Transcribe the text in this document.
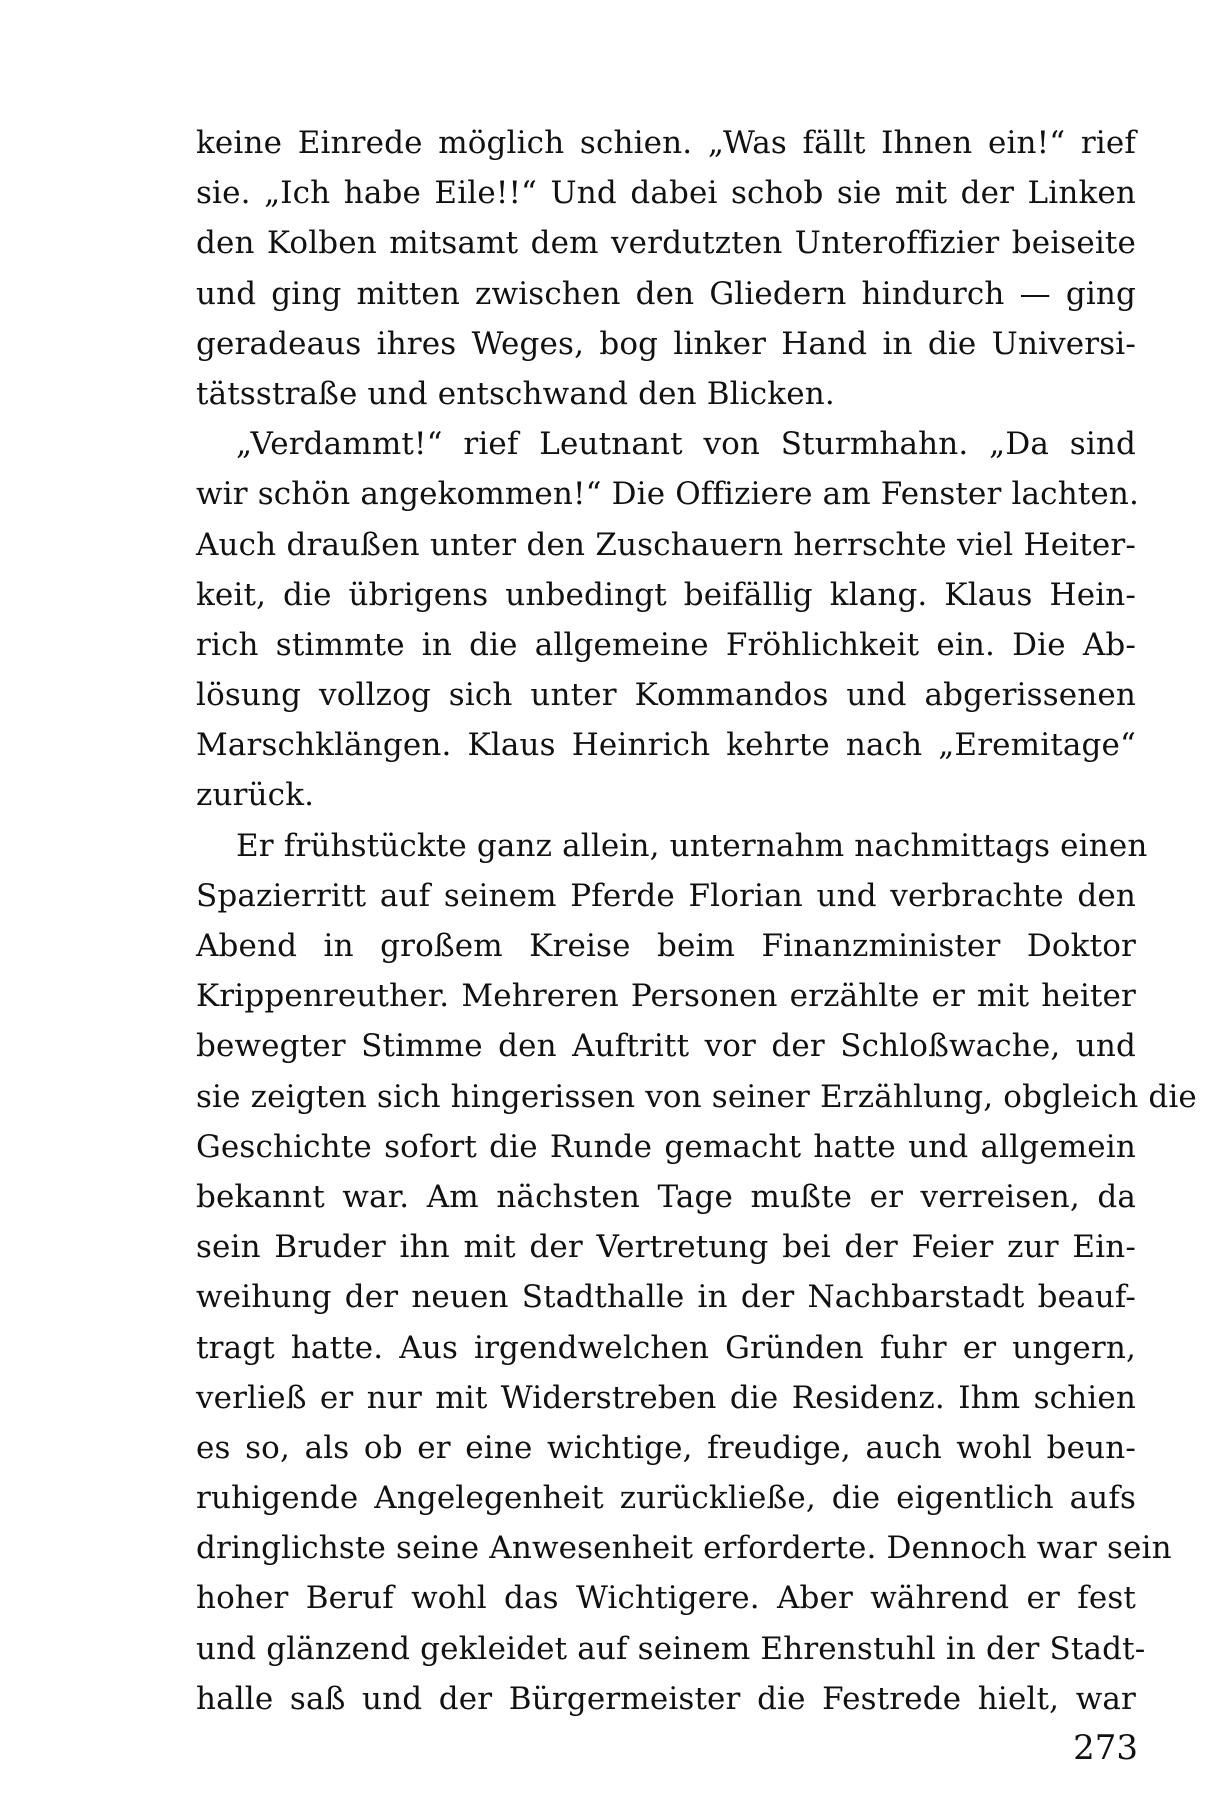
keine Einrede möglich schien. „Was fällt Ihnen ein!“ rief
sie. „Ich habe Eile!!“ Und dabei schob sie mit der Linken
den Kolben mitsamt dem verdutzten Unteroffizier beiseite
und ging mitten zwischen den Gliedern hindurch — ging
geradeaus ihres Weges, bog linker Hand in die Universi-
tätsstraße und entschwand den Blicken.
„Verdammt!“ rief Leutnant von Sturmhahn. „Da sind
wir schön angekommen!“ Die Offiziere am Fenster lachten.
Auch draußen unter den Zuschauern herrschte viel Heiter-
keit, die übrigens unbedingt beifällig klang. Klaus Hein-
rich stimmte in die allgemeine Fröhlichkeit ein. Die Ab-
lösung vollzog sich unter Kommandos und abgerissenen
Marschklängen. Klaus Heinrich kehrte nach „Eremitage“
zurück.
Er frühstückte ganz allein, unternahm nachmittags einen
Spazierritt auf seinem Pferde Florian und verbrachte den
Abend in großem Kreise beim Finanzminister Doktor
Krippenreuther. Mehreren Personen erzählte er mit heiter
bewegter Stimme den Auftritt vor der Schloßwache, und
sie zeigten sich hingerissen von seiner Erzählung, obgleich die
Geschichte sofort die Runde gemacht hatte und allgemein
bekannt war. Am nächsten Tage mußte er verreisen, da
sein Bruder ihn mit der Vertretung bei der Feier zur Ein-
weihung der neuen Stadthalle in der Nachbarstadt beauf-
tragt hatte. Aus irgendwelchen Gründen fuhr er ungern,
verließ er nur mit Widerstreben die Residenz. Ihm schien
es so, als ob er eine wichtige, freudige, auch wohl beun-
ruhigende Angelegenheit zurückließe, die eigentlich aufs
dringlichste seine Anwesenheit erforderte. Dennoch war sein
hoher Beruf wohl das Wichtigere. Aber während er fest
und glänzend gekleidet auf seinem Ehrenstuhl in der Stadt-
halle saß und der Bürgermeister die Festrede hielt, war
273
